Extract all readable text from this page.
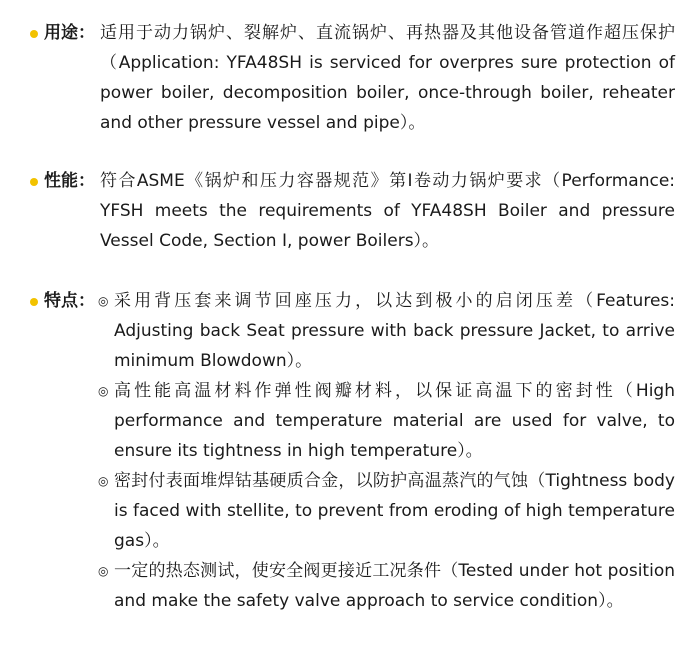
用途： 适用于动力锅炉、裂解炉、直流锅炉、再热器及其他设备管道作超压保护（Application: YFA48SH is serviced for overpres sure protection of power boiler, decomposition boiler, once-through boiler, reheater and other pressure vessel and pipe）。
性能： 符合ASME《锅炉和压力容器规范》第Ⅰ卷动力锅炉要求（Performance: YFSH meets the requirements of YFA48SH Boiler and pressure Vessel Code, Section Ⅰ, power Boilers）。
特点： ◎ 采用背压套来调节回座压力，以达到极小的启闭压差（Features: Adjusting back Seat pressure with back pressure Jacket, to arrive minimum Blowdown）。
◎ 高性能高温材料作弹性阀瓣材料，以保证高温下的密封性（High performance and temperature material are used for valve, to ensure its tightness in high temperature）。
◎ 密封付表面堆焊钴基硬质合金，以防护高温蒸汽的气蚀（Tightness body is faced with stellite, to prevent from eroding of high temperature gas）。
◎ 一定的热态测试，使安全阀更接近工况条件（Tested under hot position and make the safety valve approach to service condition）。
